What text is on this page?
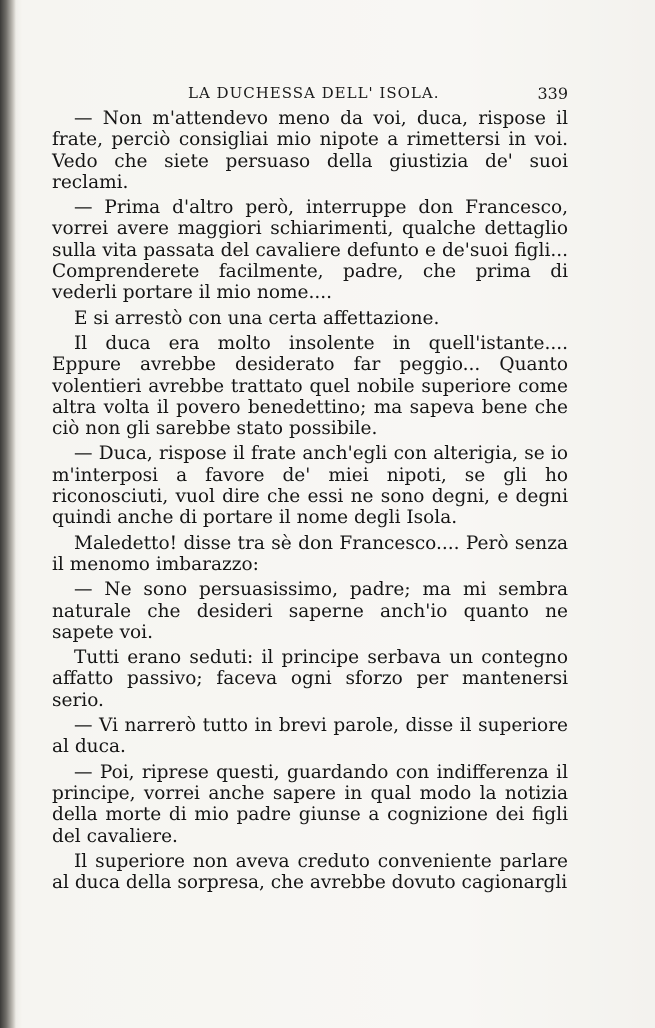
LA DUCHESSA DELL' ISOLA.	339

— Non m'attendevo meno da voi, duca, rispose il frate, perciò consigliai mio nipote a rimettersi in voi. Vedo che siete persuaso della giustizia de' suoi reclami.

— Prima d'altro però, interruppe don Francesco, vorrei avere maggiori schiarimenti, qualche dettaglio sulla vita passata del cavaliere defunto e de'suoi figli... Comprenderete facilmente, padre, che prima di vederli portare il mio nome....

E si arrestò con una certa affettazione.

Il duca era molto insolente in quell'istante.... Eppure avrebbe desiderato far peggio... Quanto volentieri avrebbe trattato quel nobile superiore come altra volta il povero benedettino; ma sapeva bene che ciò non gli sarebbe stato possibile.

— Duca, rispose il frate anch'egli con alterigia, se io m'interposi a favore de' miei nipoti, se gli ho riconosciuti, vuol dire che essi ne sono degni, e degni quindi anche di portare il nome degli Isola.

Maledetto! disse tra sè don Francesco.... Però senza il menomo imbarazzo:

— Ne sono persuasissimo, padre; ma mi sembra naturale che desideri saperne anch'io quanto ne sapete voi.

Tutti erano seduti: il principe serbava un contegno affatto passivo; faceva ogni sforzo per mantenersi serio.

— Vi narrerò tutto in brevi parole, disse il superiore al duca.

— Poi, riprese questi, guardando con indifferenza il principe, vorrei anche sapere in qual modo la notizia della morte di mio padre giunse a cognizione dei figli del cavaliere.

Il superiore non aveva creduto conveniente parlare al duca della sorpresa, che avrebbe dovuto cagionargli
